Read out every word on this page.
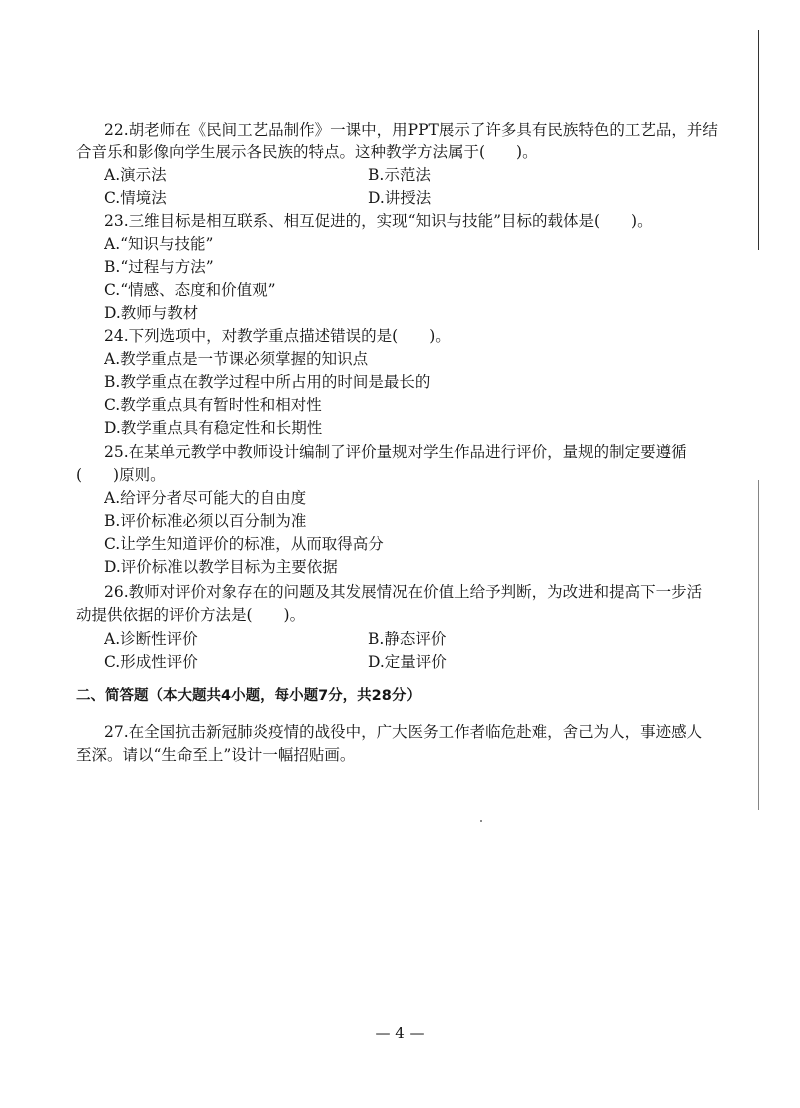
22.胡老师在《民间工艺品制作》一课中，用PPT展示了许多具有民族特色的工艺品，并结
合音乐和影像向学生展示各民族的特点。这种教学方法属于(　　)。
A.演示法	B.示范法
C.情境法	D.讲授法
23.三维目标是相互联系、相互促进的，实现“知识与技能”目标的载体是(　　)。
A.“知识与技能”
B.“过程与方法”
C.“情感、态度和价值观”
D.教师与教材
24.下列选项中，对教学重点描述错误的是(　　)。
A.教学重点是一节课必须掌握的知识点
B.教学重点在教学过程中所占用的时间是最长的
C.教学重点具有暂时性和相对性
D.教学重点具有稳定性和长期性
25.在某单元教学中教师设计编制了评价量规对学生作品进行评价，量规的制定要遵循
(　　)原则。
A.给评分者尽可能大的自由度
B.评价标准必须以百分制为准
C.让学生知道评价的标准，从而取得高分
D.评价标准以教学目标为主要依据
26.教师对评价对象存在的问题及其发展情况在价值上给予判断，为改进和提高下一步活
动提供依据的评价方法是(　　)。
A.诊断性评价	B.静态评价
C.形成性评价	D.定量评价
二、简答题（本大题共4小题，每小题7分，共28分）
27.在全国抗击新冠肺炎疫情的战役中，广大医务工作者临危赴难，舍己为人，事迹感人
至深。请以“生命至上”设计一幅招贴画。
— 4 —
